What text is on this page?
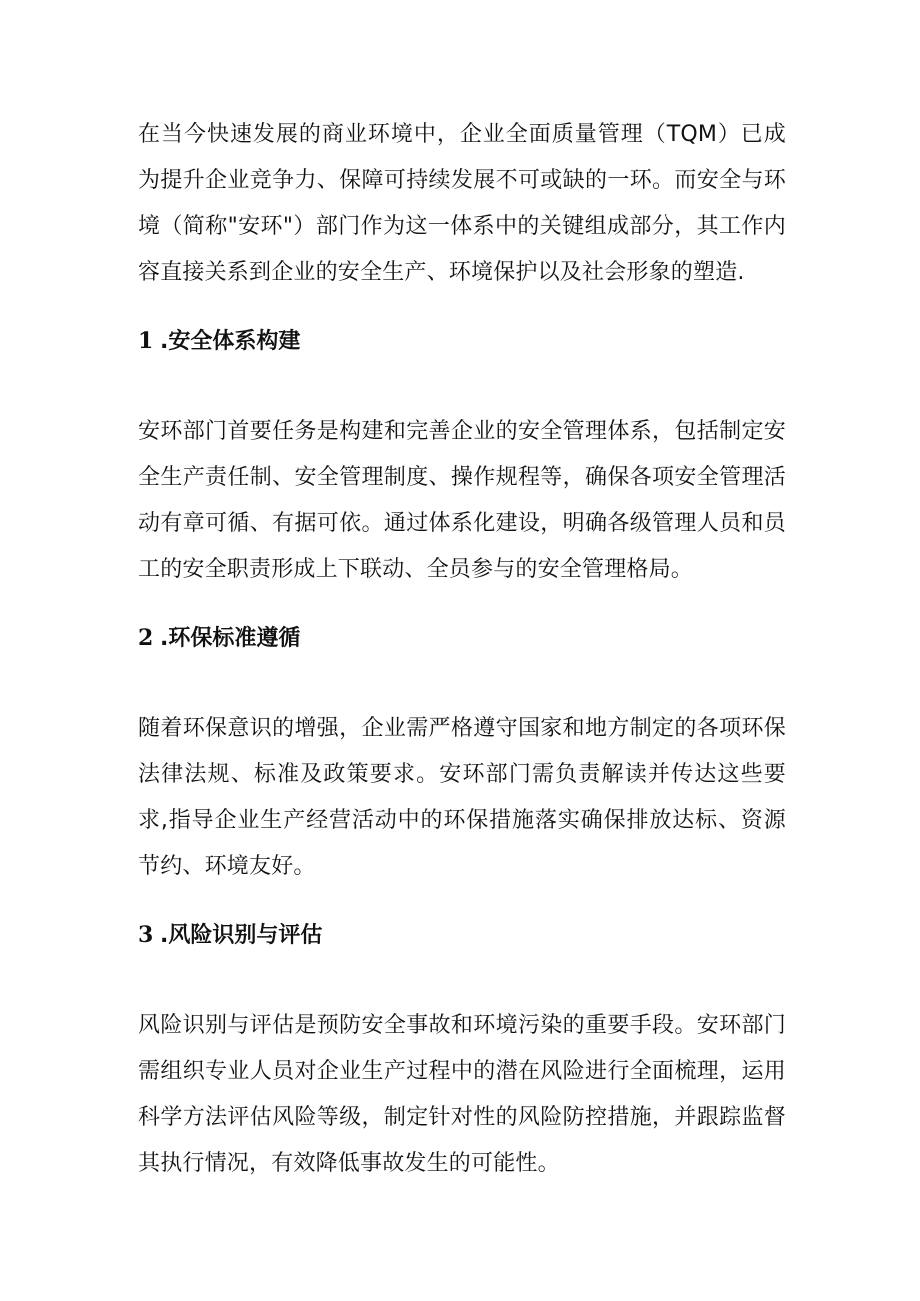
在当今快速发展的商业环境中，企业全面质量管理（TQM）已成为提升企业竞争力、保障可持续发展不可或缺的一环。而安全与环境（简称"安环"）部门作为这一体系中的关键组成部分，其工作内容直接关系到企业的安全生产、环境保护以及社会形象的塑造.

1 .安全体系构建

安环部门首要任务是构建和完善企业的安全管理体系，包括制定安全生产责任制、安全管理制度、操作规程等，确保各项安全管理活动有章可循、有据可依。通过体系化建设，明确各级管理人员和员工的安全职责形成上下联动、全员参与的安全管理格局。

2 .环保标准遵循

随着环保意识的增强，企业需严格遵守国家和地方制定的各项环保法律法规、标准及政策要求。安环部门需负责解读并传达这些要求,指导企业生产经营活动中的环保措施落实确保排放达标、资源节约、环境友好。

3 .风险识别与评估

风险识别与评估是预防安全事故和环境污染的重要手段。安环部门需组织专业人员对企业生产过程中的潜在风险进行全面梳理，运用科学方法评估风险等级，制定针对性的风险防控措施，并跟踪监督其执行情况，有效降低事故发生的可能性。
